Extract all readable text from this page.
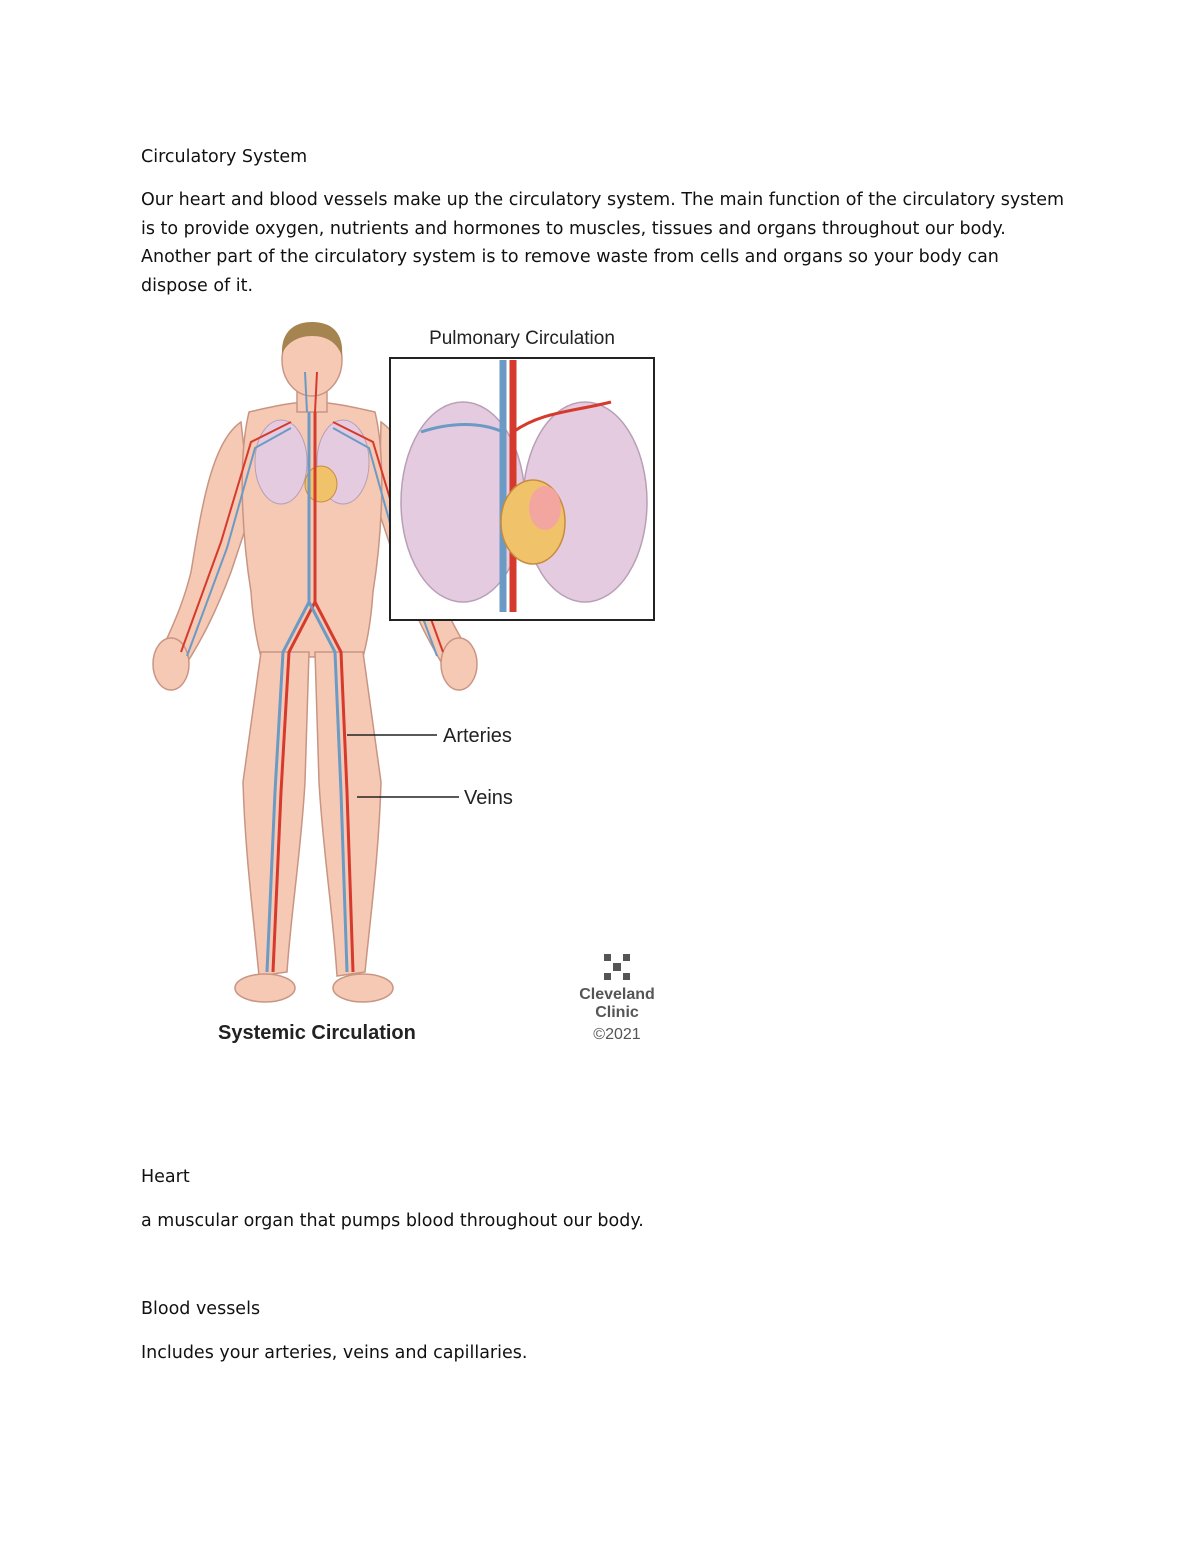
Circulatory System
Our heart and blood vessels make up the circulatory system. The main function of the circulatory system is to provide oxygen, nutrients and hormones to muscles, tissues and organs throughout our body. Another part of the circulatory system is to remove waste from cells and organs so your body can dispose of it.
Pulmonary Circulation
Arteries
Veins
Systemic Circulation
Cleveland
Clinic
©2021
Heart
a muscular organ that pumps blood throughout our body.
Blood vessels
Includes your arteries, veins and capillaries.
